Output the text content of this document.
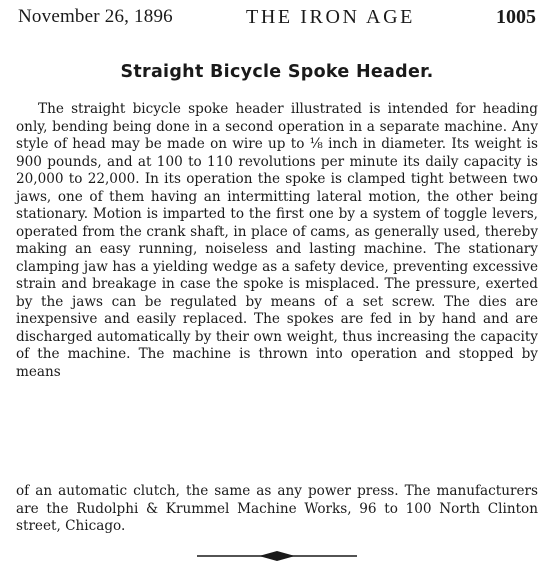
November 26, 1896	THE IRON AGE	1005
Straight Bicycle Spoke Header.

The straight bicycle spoke header illustrated is intended for heading only, bending being done in a second operation in a separate machine. Any style of head may be made on wire up to ⅛ inch in diameter. Its weight is 900 pounds, and at 100 to 110 revolutions per minute its daily capacity is 20,000 to 22,000. In its operation the spoke is clamped tight between two jaws, one of them having an intermitting lateral motion, the other being stationary. Motion is imparted to the first one by a system of toggle levers, operated from the crank shaft, in place of cams, as generally used, thereby making an easy running, noiseless and lasting machine. The stationary clamping jaw has a yielding wedge as a safety device, preventing excessive strain and breakage in case the spoke is misplaced. The pressure, exerted by the jaws can be regulated by means of a set screw. The dies are inexpensive and easily replaced. The spokes are fed in by hand and are discharged automatically by their own weight, thus increasing the capacity of the machine. The machine is thrown into operation and stopped by means

of an automatic clutch, the same as any power press. The manufacturers are the Rudolphi & Krummel Machine Works, 96 to 100 North Clinton street, Chicago.
